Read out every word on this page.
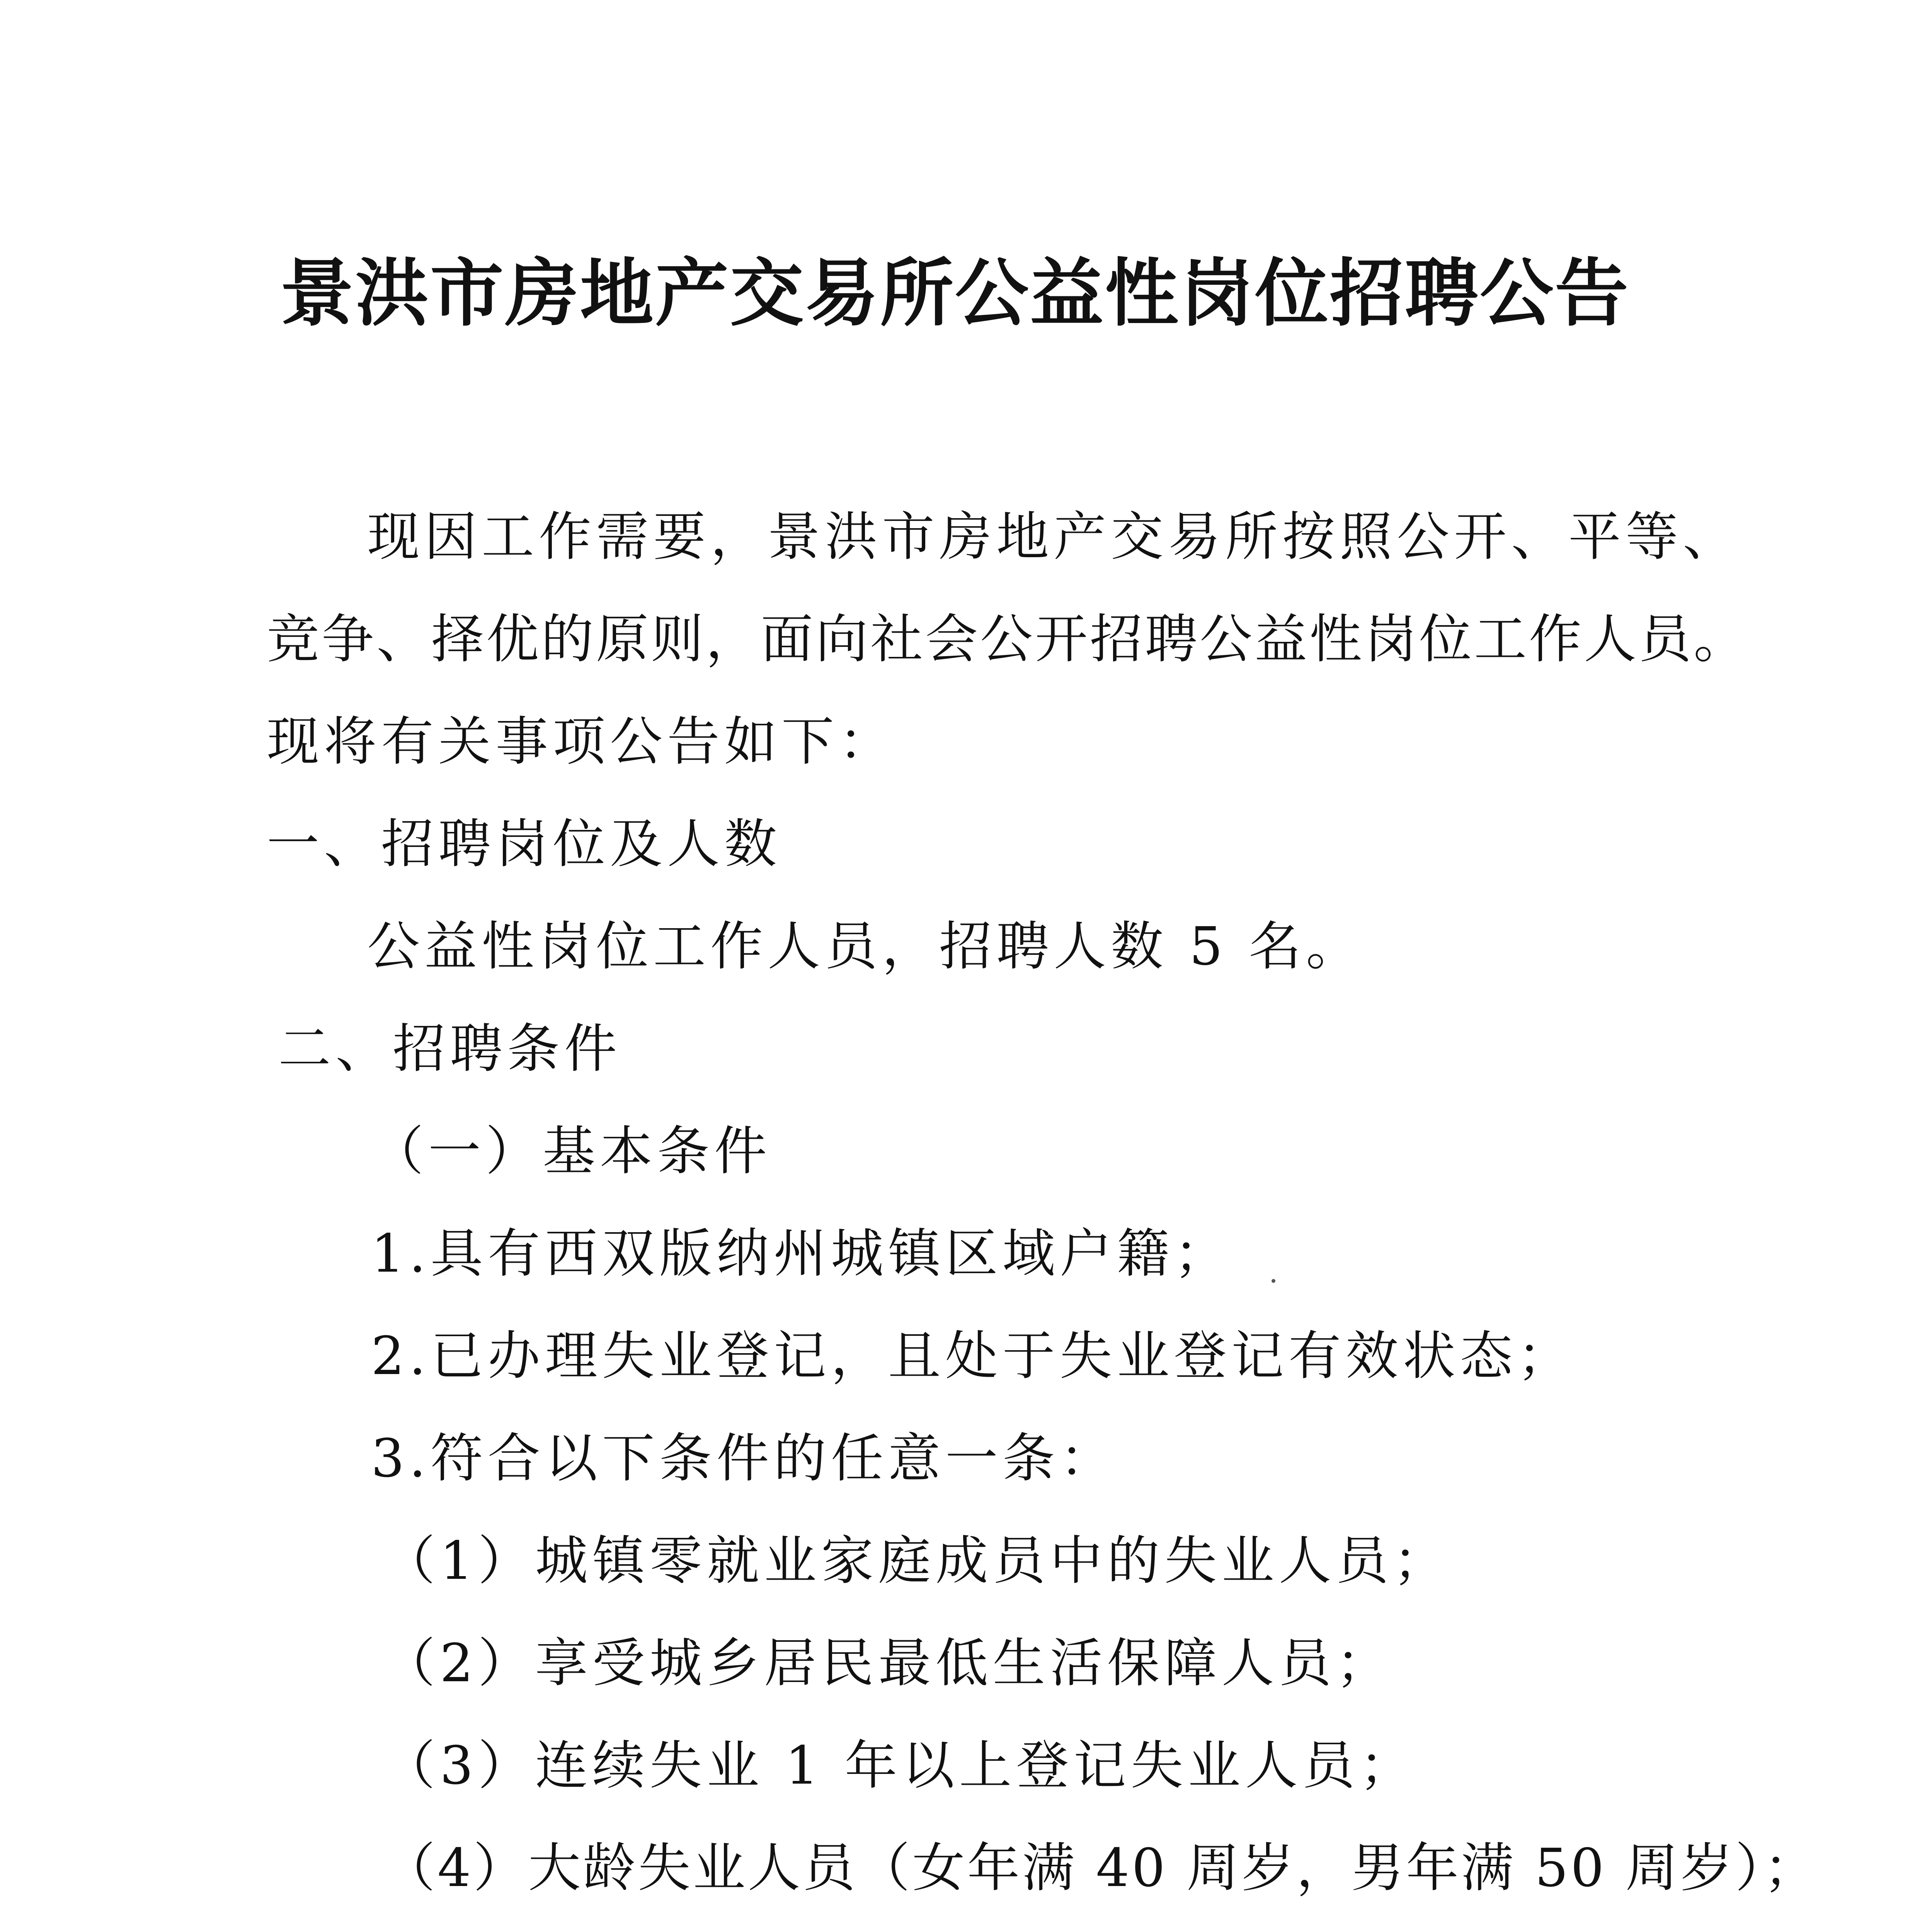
景洪市房地产交易所公益性岗位招聘公告
现因工作需要，景洪市房地产交易所按照公开、平等、
竞争、择优的原则，面向社会公开招聘公益性岗位工作人员。
现将有关事项公告如下：
一、招聘岗位及人数
公益性岗位工作人员，招聘人数 5 名。
二、招聘条件
（一）基本条件
1.具有西双版纳州城镇区域户籍；
2.已办理失业登记，且处于失业登记有效状态；
3.符合以下条件的任意一条：
（1）城镇零就业家庭成员中的失业人员；
（2）享受城乡居民最低生活保障人员；
（3）连续失业 1 年以上登记失业人员；
（4）大龄失业人员（女年满 40 周岁，男年满 50 周岁）；
